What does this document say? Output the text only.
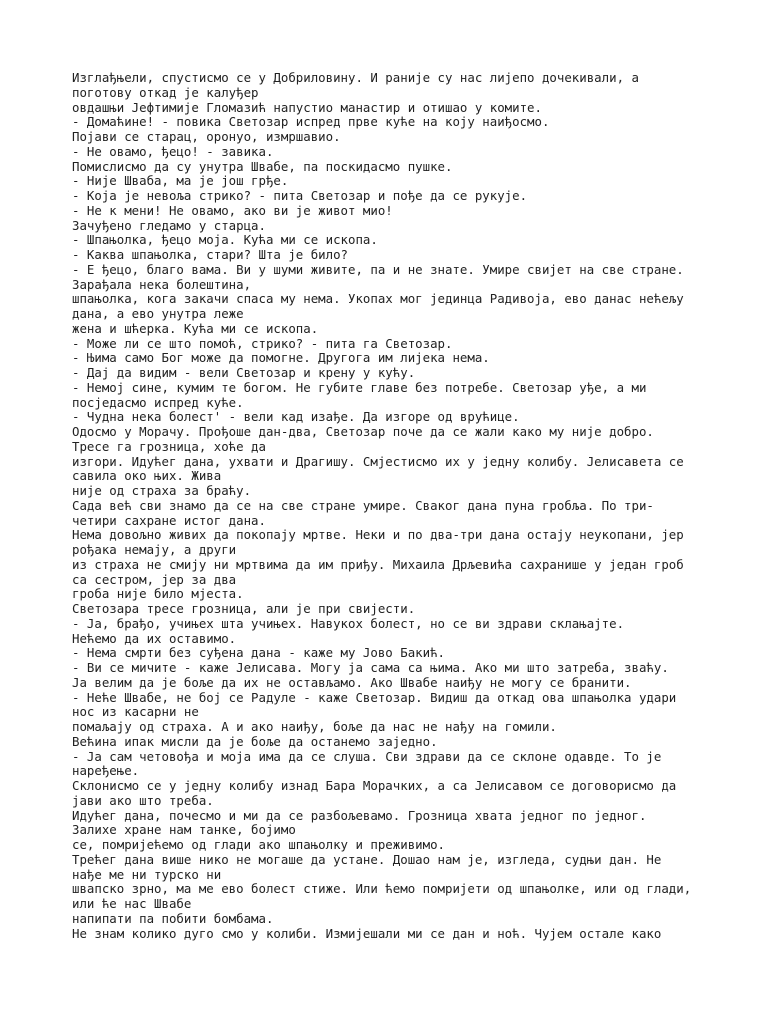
Изглађњели, спустисмо се у Добриловину. И раније су нас лијепо дочекивали, а
поготову откад је калуђер
овдашњи Јефтимије Гломазић напустио манастир и отишао у комите.
- Домаћине! - повика Светозар испред прве куће на коју наиђосмо.
Појави се старац, оронуо, измршавио.
- Не овамо, ђецо! - завика.
Помислисмо да су унутра Швабе, па поскидасмо пушке.
- Није Шваба, ма је још грђе.
- Која је невоља стрико? - пита Светозар и пође да се рукује.
- Не к мени! Не овамо, ако ви је живот мио!
Зачуђено гледамо у старца.
- Шпањолка, ђецо моја. Кућа ми се ископа.
- Каква шпањолка, стари? Шта је било?
- Е ђецо, благо вама. Ви у шуми живите, па и не знате. Умире свијет на све стране.
Зарађала нека болештина,
шпањолка, кога закачи спаса му нема. Укопах мог јединца Радивоја, ево данас нећељу
дана, а ево унутра леже
жена и шћерка. Кућа ми се ископа.
- Може ли се што помоћ, стрико? - пита га Светозар.
- Њима само Бог може да помогне. Другога им лијека нема.
- Дај да видим - вели Светозар и крену у кућу.
- Немој сине, кумим те богом. Не губите главе без потребе. Светозар уђе, а ми
посједасмо испред куће.
- Чудна нека болест' - вели кад изађе. Да изгоре од врућице.
Одосмо у Морачу. Прођоше дан-два, Светозар поче да се жали како му није добро.
Тресе га грозница, хоће да
изгори. Идућег дана, ухвати и Драгишу. Смјестисмо их у једну колибу. Јелисавета се
савила око њих. Жива
није од страха за браћу.
Сада већ сви знамо да се на све стране умире. Сваког дана пуна гробља. По три-
четири сахране истог дана.
Нема довољно живих да покопају мртве. Неки и по два-три дана остају неукопани, јер
рођака немају, а други
из страха не смију ни мртвима да им приђу. Михаила Дрљевића сахранише у један гроб
са сестром, јер за два
гроба није било мјеста.
Светозара тресе грозница, али је при свијести.
- Ја, брађо, учињех шта учињех. Навукох болест, но се ви здрави склањајте.
Нећемо да их оставимо.
- Нема смрти без суђена дана - каже му Јово Бакић.
- Ви се мичите - каже Јелисава. Могу ја сама са њима. Ако ми што затреба, зваћу.
Ја велим да је боље да их не остављамо. Ако Швабе наиђу не могу се бранити.
- Неће Швабе, не бој се Радуле - каже Светозар. Видиш да откад ова шпањолка удари
нос из касарни не
помаљају од страха. А и ако наиђу, боље да нас не нађу на гомили.
Већина ипак мисли да је боље да останемо заједно.
- Ја сам четовођа и моја има да се слуша. Сви здрави да се склоне одавде. То је
наређење.
Склонисмо се у једну колибу изнад Бара Морачких, а са Јелисавом се договорисмо да
јави ако што треба.
Идућег дана, почесмо и ми да се разбољевамо. Грозница хвата једног по једног.
Залихе хране нам танке, бојимо
се, помријећемо од глади ако шпањолку и преживимо.
Трећег дана више нико не могаше да устане. Дошао нам је, изгледа, судњи дан. Не
нађе ме ни турско ни
швапско зрно, ма ме ево болест стиже. Или ћемо помријети од шпањолке, или од глади,
или ће нас Швабе
напипати па побити бомбама.
Не знам колико дуго смо у колиби. Измијешали ми се дан и ноћ. Чујем остале како
